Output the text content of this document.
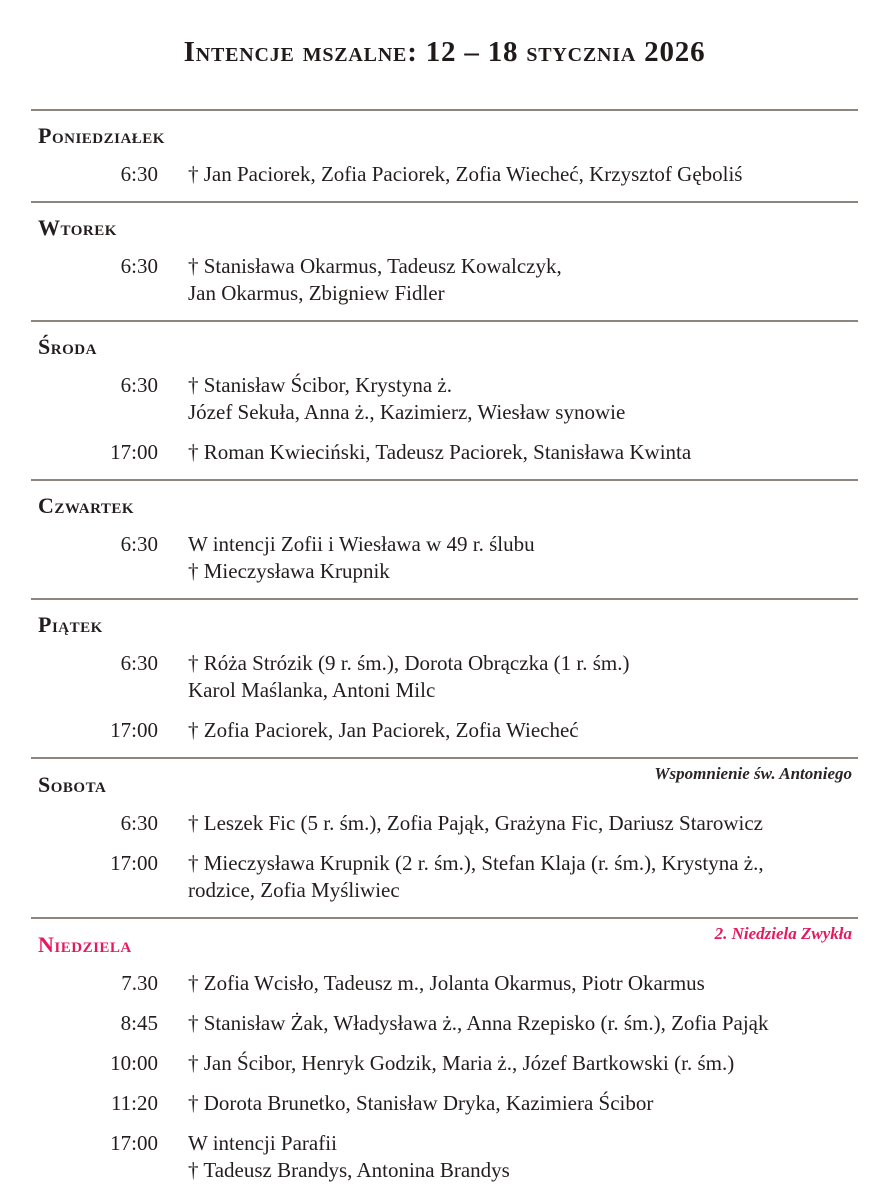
Intencje mszalne: 12 – 18 stycznia 2026
Poniedziałek
6:30 † Jan Paciorek, Zofia Paciorek, Zofia Wiecheć, Krzysztof Gęboliś
Wtorek
6:30 † Stanisława Okarmus, Tadeusz Kowalczyk,
Jan Okarmus, Zbigniew Fidler
Środa
6:30 † Stanisław Ścibor, Krystyna ż.
Józef Sekuła, Anna ż., Kazimierz, Wiesław synowie
17:00 † Roman Kwieciński, Tadeusz Paciorek, Stanisława Kwinta
Czwartek
6:30 W intencji Zofii i Wiesława w 49 r. ślubu
† Mieczysława Krupnik
Piątek
6:30 † Róża Strózik (9 r. śm.), Dorota Obrączka (1 r. śm.)
Karol Maślanka, Antoni Milc
17:00 † Zofia Paciorek, Jan Paciorek, Zofia Wiecheć
Sobota	Wspomnienie św. Antoniego
6:30 † Leszek Fic (5 r. śm.), Zofia Pająk, Grażyna Fic, Dariusz Starowicz
17:00 † Mieczysława Krupnik (2 r. śm.), Stefan Klaja (r. śm.), Krystyna ż.,
rodzice, Zofia Myśliwiec
Niedziela	2. Niedziela Zwykła
7.30 † Zofia Wcisło, Tadeusz m., Jolanta Okarmus, Piotr Okarmus
8:45 † Stanisław Żak, Władysława ż., Anna Rzepisko (r. śm.), Zofia Pająk
10:00 † Jan Ścibor, Henryk Godzik, Maria ż., Józef Bartkowski (r. śm.)
11:20 † Dorota Brunetko, Stanisław Dryka, Kazimiera Ścibor
17:00 W intencji Parafii
† Tadeusz Brandys, Antonina Brandys
